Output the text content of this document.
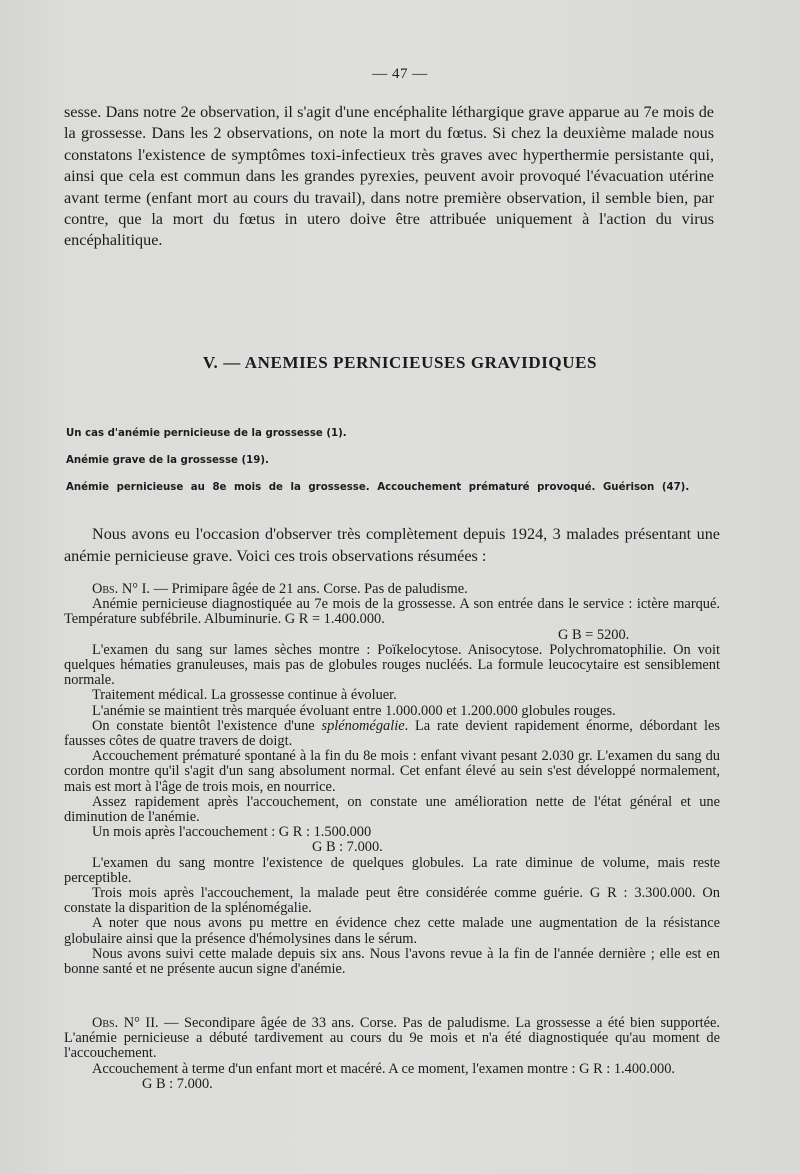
— 47 —

sesse. Dans notre 2e observation, il s'agit d'une encéphalite léthargique grave apparue au 7e mois de la grossesse. Dans les 2 observations, on note la mort du fœtus. Si chez la deuxième malade nous constatons l'existence de symptômes toxi-infectieux très graves avec hyperthermie persistante qui, ainsi que cela est commun dans les grandes pyrexies, peuvent avoir provoqué l'évacuation utérine avant terme (enfant mort au cours du travail), dans notre première observation, il semble bien, par contre, que la mort du fœtus in utero doive être attribuée uniquement à l'action du virus encéphalitique.

V. — ANEMIES PERNICIEUSES GRAVIDIQUES
Un cas d'anémie pernicieuse de la grossesse (1).
Anémie grave de la grossesse (19).
Anémie pernicieuse au 8e mois de la grossesse. Accouchement prématuré provoqué. Guérison (47).

Nous avons eu l'occasion d'observer très complètement depuis 1924, 3 malades présentant une anémie pernicieuse grave. Voici ces trois observations résumées :

Obs. N° I. — Primipare âgée de 21 ans. Corse. Pas de paludisme.

Anémie pernicieuse diagnostiquée au 7e mois de la grossesse. A son entrée dans le service : ictère marqué. Température subfébrile. Albuminurie. G R = 1.400.000.

G B = 5200.

L'examen du sang sur lames sèches montre : Poïkelocytose. Anisocytose. Polychromatophilie. On voit quelques hématies granuleuses, mais pas de globules rouges nucléés. La formule leucocytaire est sensiblement normale.

Traitement médical. La grossesse continue à évoluer.

L'anémie se maintient très marquée évoluant entre 1.000.000 et 1.200.000 globules rouges.

On constate bientôt l'existence d'une splénomégalie. La rate devient rapidement énorme, débordant les fausses côtes de quatre travers de doigt.

Accouchement prématuré spontané à la fin du 8e mois : enfant vivant pesant 2.030 gr. L'examen du sang du cordon montre qu'il s'agit d'un sang absolument normal. Cet enfant élevé au sein s'est développé normalement, mais est mort à l'âge de trois mois, en nourrice.

Assez rapidement après l'accouchement, on constate une amélioration nette de l'état général et une diminution de l'anémie.

Un mois après l'accouchement : G R : 1.500.000

G B : 7.000.

L'examen du sang montre l'existence de quelques globules. La rate diminue de volume, mais reste perceptible.

Trois mois après l'accouchement, la malade peut être considérée comme guérie. G R : 3.300.000. On constate la disparition de la splénomégalie.

A noter que nous avons pu mettre en évidence chez cette malade une augmentation de la résistance globulaire ainsi que la présence d'hémolysines dans le sérum.

Nous avons suivi cette malade depuis six ans. Nous l'avons revue à la fin de l'année dernière ; elle est en bonne santé et ne présente aucun signe d'anémie.

Obs. N° II. — Secondipare âgée de 33 ans. Corse. Pas de paludisme. La grossesse a été bien supportée. L'anémie pernicieuse a débuté tardivement au cours du 9e mois et n'a été diagnostiquée qu'au moment de l'accouchement.

Accouchement à terme d'un enfant mort et macéré. A ce moment, l'examen montre : G R : 1.400.000.

G B : 7.000.
